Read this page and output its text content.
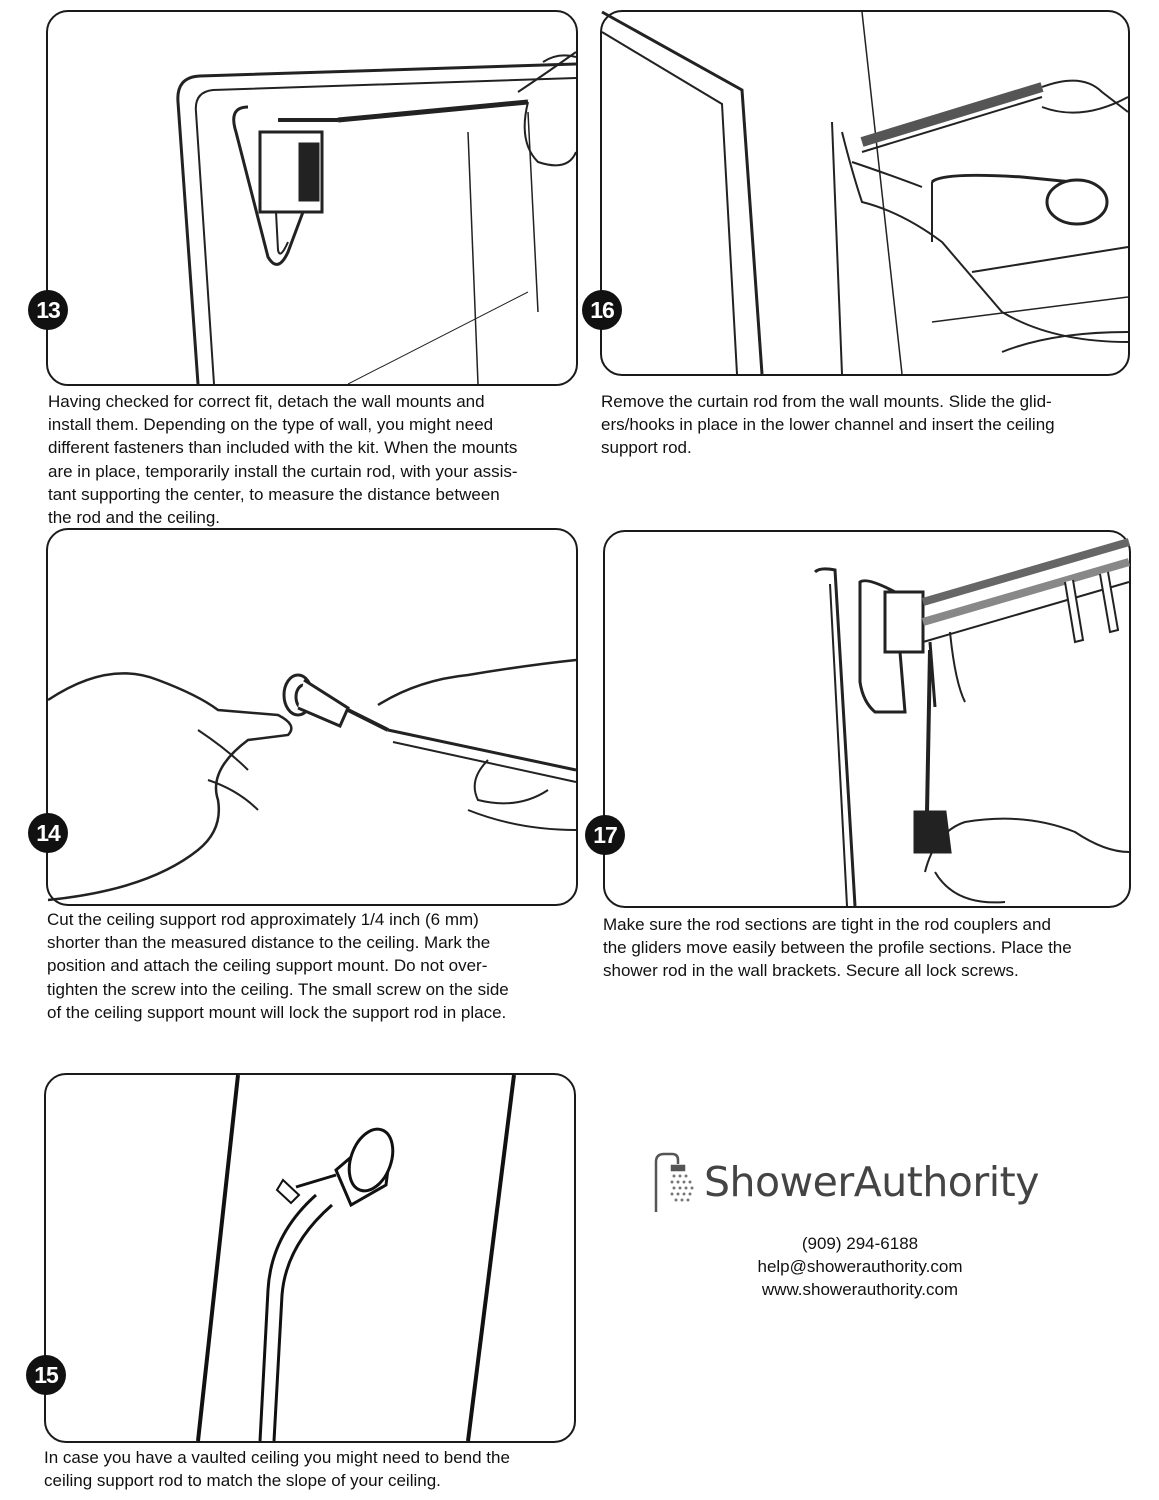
13
Having checked for correct fit, detach the wall mounts and
install them. Depending on the type of wall, you might need
different fasteners than included with the kit. When the mounts
are in place, temporarily install the curtain rod, with your assis-
tant supporting the center, to measure the distance between
the rod and the ceiling.
16
Remove the curtain rod from the wall mounts. Slide the glid-
ers/hooks in place in the lower channel and insert the ceiling
support rod.
14
Cut the ceiling support rod approximately 1/4 inch (6 mm)
shorter than the measured distance to the ceiling. Mark the
position and attach the ceiling support mount. Do not over-
tighten the screw into the ceiling. The small screw on the side
of the ceiling support mount will lock the support rod in place.
17
Make sure the rod sections are tight in the rod couplers and
the gliders move easily between the profile sections. Place the
shower rod in the wall brackets. Secure all lock screws.
15
In case you have a vaulted ceiling you might need to bend the
ceiling support rod to match the slope of your ceiling.
ShowerAuthority
(909) 294-6188
help@showerauthority.com
www.showerauthority.com
